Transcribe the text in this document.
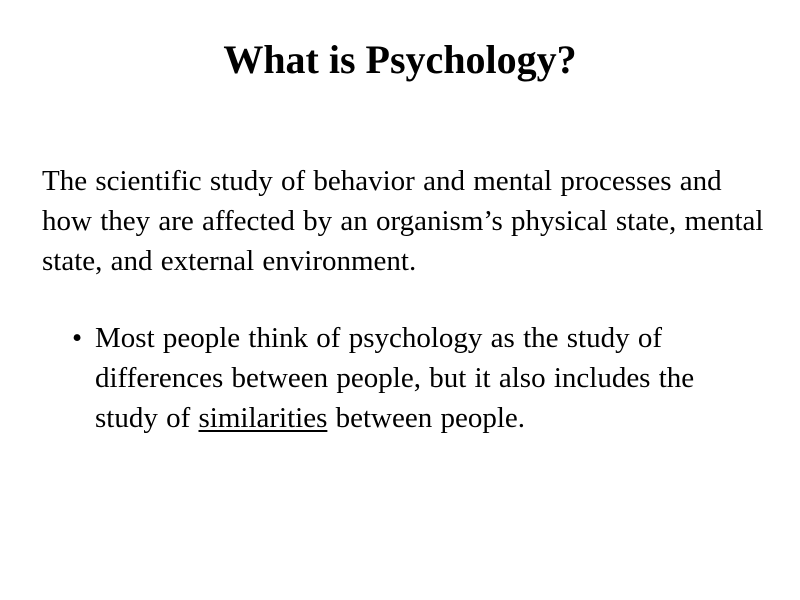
What is Psychology?

The scientific study of behavior and mental processes and how they are affected by an organism’s physical state, mental state, and external environment.

• Most people think of psychology as the study of differences between people, but it also includes the study of similarities between people.
